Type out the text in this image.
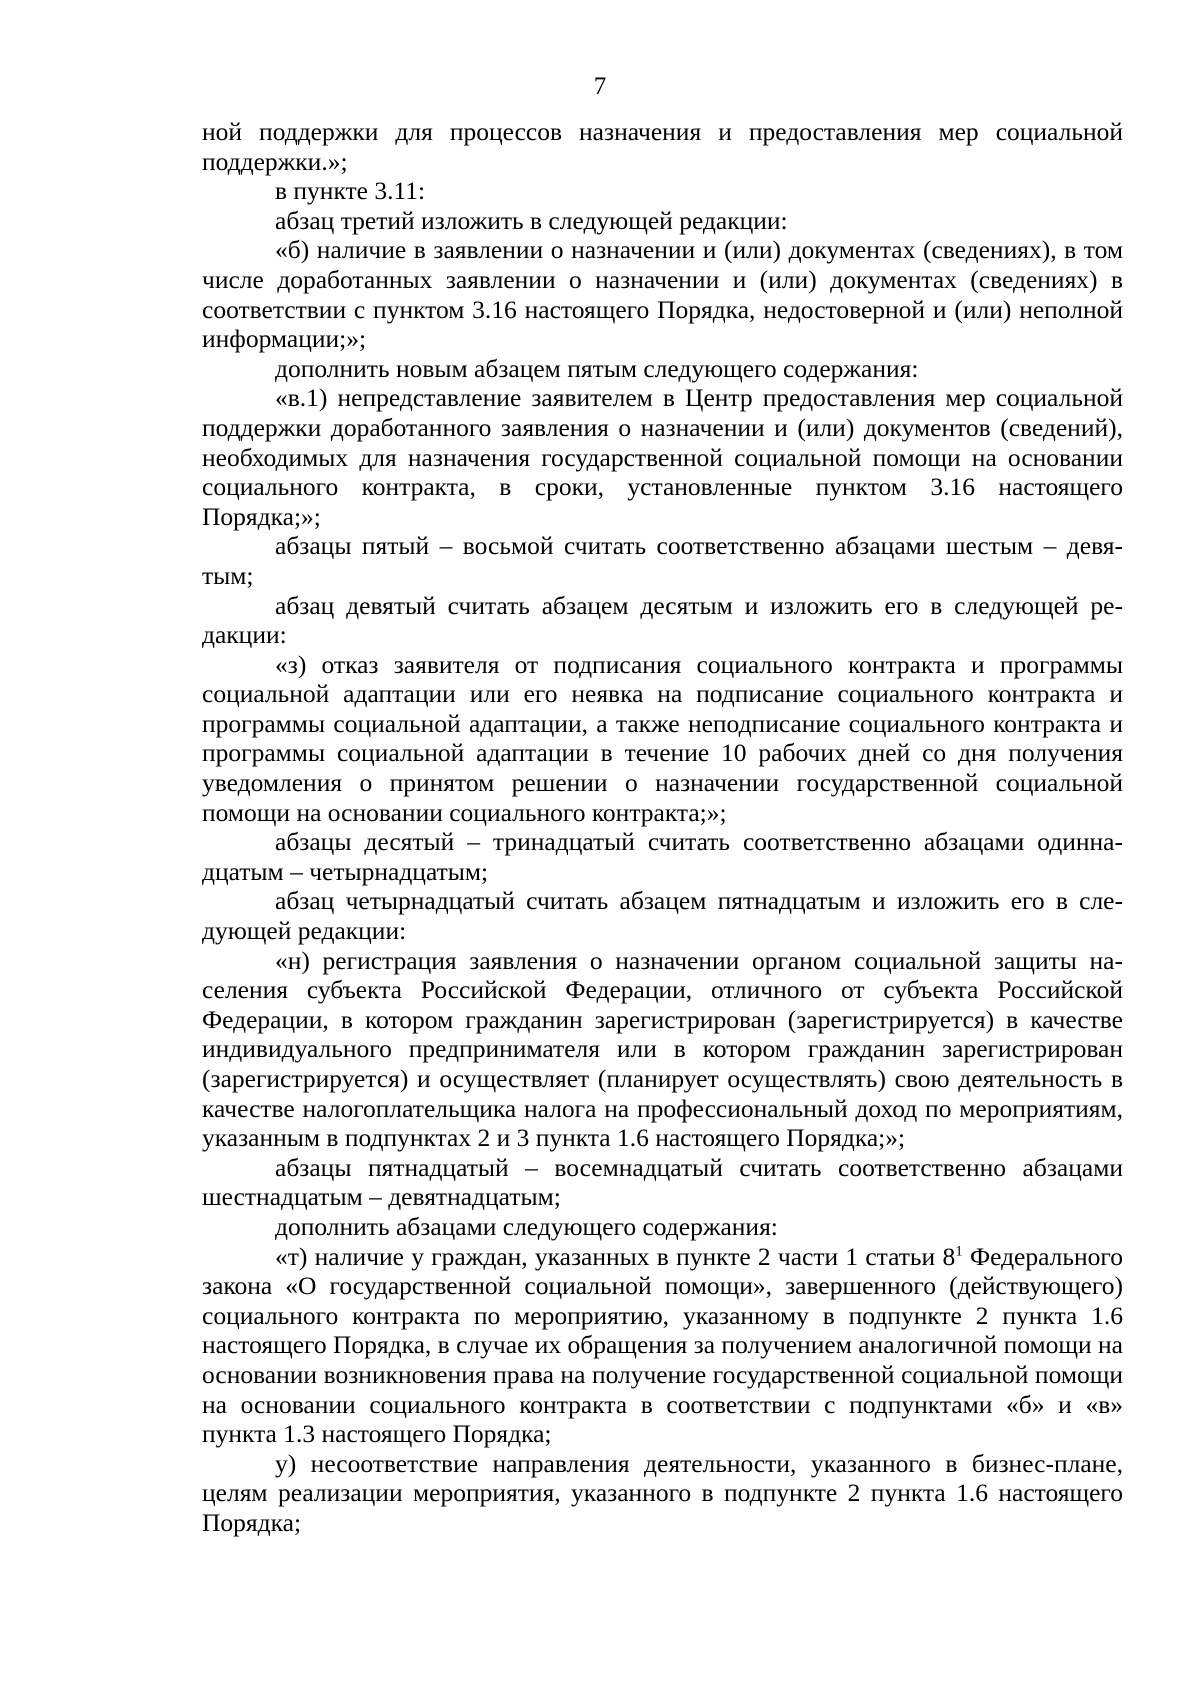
7

ной поддержки для процессов назначения и предоставления мер социальной поддержки.»;

в пункте 3.11:

абзац третий изложить в следующей редакции:

«б) наличие в заявлении о назначении и (или) документах (сведениях), в том числе доработанных заявлении о назначении и (или) документах (сведениях) в соответствии с пунктом 3.16 настоящего Порядка, недостоверной и (или) неполной информации;»;

дополнить новым абзацем пятым следующего содержания:

«в.1) непредставление заявителем в Центр предоставления мер социальной поддержки доработанного заявления о назначении и (или) документов (сведений), необходимых для назначения государственной социальной помощи на основании социального контракта, в сроки, установленные пунктом 3.16 настоящего Порядка;»;

абзацы пятый – восьмой считать соответственно абзацами шестым – девятым;

абзац девятый считать абзацем десятым и изложить его в следующей редакции:

«з) отказ заявителя от подписания социального контракта и программы социальной адаптации или его неявка на подписание социального контракта и программы социальной адаптации, а также неподписание социального контракта и программы социальной адаптации в течение 10 рабочих дней со дня получения уведомления о принятом решении о назначении государственной социальной помощи на основании социального контракта;»;

абзацы десятый – тринадцатый считать соответственно абзацами одиннадцатым – четырнадцатым;

абзац четырнадцатый считать абзацем пятнадцатым и изложить его в следующей редакции:

«н) регистрация заявления о назначении органом социальной защиты населения субъекта Российской Федерации, отличного от субъекта Российской Федерации, в котором гражданин зарегистрирован (зарегистрируется) в качестве индивидуального предпринимателя или в котором гражданин зарегистрирован (зарегистрируется) и осуществляет (планирует осуществлять) свою деятельность в качестве налогоплательщика налога на профессиональный доход по мероприятиям, указанным в подпунктах 2 и 3 пункта 1.6 настоящего Порядка;»;

абзацы пятнадцатый – восемнадцатый считать соответственно абзацами шестнадцатым – девятнадцатым;

дополнить абзацами следующего содержания:

«т) наличие у граждан, указанных в пункте 2 части 1 статьи $8^1$ Федерального закона «О государственной социальной помощи», завершенного (действующего) социального контракта по мероприятию, указанному в подпункте 2 пункта 1.6 настоящего Порядка, в случае их обращения за получением аналогичной помощи на основании возникновения права на получение государственной социальной помощи на основании социального контракта в соответствии с подпунктами «б» и «в» пункта 1.3 настоящего Порядка;

у) несоответствие направления деятельности, указанного в бизнес-плане, целям реализации мероприятия, указанного в подпункте 2 пункта 1.6 настоящего Порядка;
